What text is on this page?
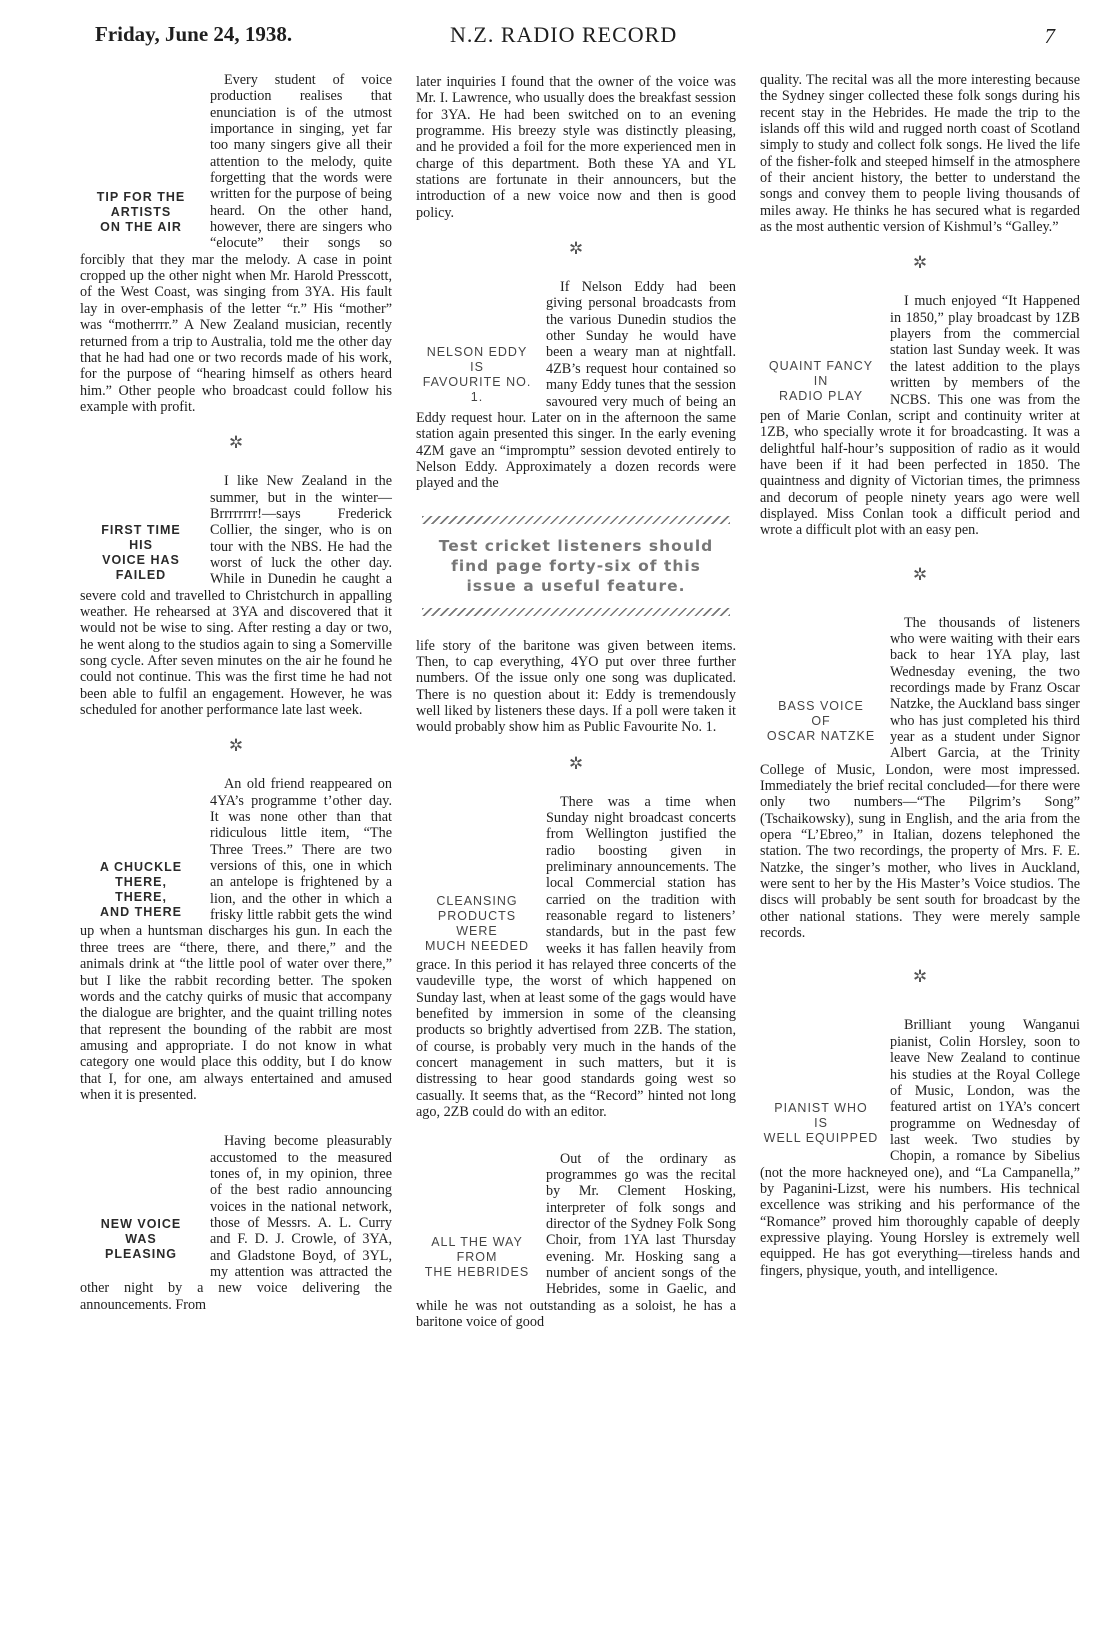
Friday, June 24, 1938.	N.Z. RADIO RECORD	7
TIP FOR THE
ARTISTS
ON THE AIR

Every student of voice production realises that enunciation is of the utmost importance in singing, yet far too many singers give all their attention to the melody, quite forgetting that the words were written for the purpose of being heard. On the other hand, however, there are singers who “elocute” their songs so forcibly that they mar the melody. A case in point cropped up the other night when Mr. Harold Presscott, of the West Coast, was singing from 3YA. His fault lay in over-emphasis of the letter “r.” His “mother” was “motherrrr.” A New Zealand musician, recently returned from a trip to Australia, told me the other day that he had had one or two records made of his work, for the purpose of “hearing himself as others heard him.” Other people who broadcast could follow his example with profit.

✲
FIRST TIME
HIS
VOICE HAS FAILED

I like New Zealand in the summer, but in the winter—Brrrrrrrr!—says Frederick Collier, the singer, who is on tour with the NBS. He had the worst of luck the other day. While in Dunedin he caught a severe cold and travelled to Christchurch in appalling weather. He rehearsed at 3YA and discovered that it would not be wise to sing. After resting a day or two, he went along to the studios again to sing a Somerville song cycle. After seven minutes on the air he found he could not continue. This was the first time he had not been able to fulfil an engagement. However, he was scheduled for another performance late last week.

✲
A CHUCKLE THERE,
THERE,
AND THERE

An old friend reappeared on 4YA’s programme t’other day. It was none other than that ridiculous little item, “The Three Trees.” There are two versions of this, one in which an antelope is frightened by a lion, and the other in which a frisky little rabbit gets the wind up when a huntsman discharges his gun. In each the three trees are “there, there, and there,” and the animals drink at “the little pool of water over there,” but I like the rabbit recording better. The spoken words and the catchy quirks of music that accompany the dialogue are brighter, and the quaint trilling notes that represent the bounding of the rabbit are most amusing and appropriate. I do not know in what category one would place this oddity, but I do know that I, for one, am always entertained and amused when it is presented.

NEW VOICE
WAS
PLEASING

Having become pleasurably accustomed to the measured tones of, in my opinion, three of the best radio announcing voices in the national network, those of Messrs. A. L. Curry and F. D. J. Crowle, of 3YA, and Gladstone Boyd, of 3YL, my attention was attracted the other night by a new voice delivering the announcements. From

later inquiries I found that the owner of the voice was Mr. I. Lawrence, who usually does the breakfast session for 3YA. He had been switched on to an evening programme. His breezy style was distinctly pleasing, and he provided a foil for the more experienced men in charge of this department. Both these YA and YL stations are fortunate in their announcers, but the introduction of a new voice now and then is good policy.

✲
NELSON EDDY
IS
FAVOURITE NO. 1.

If Nelson Eddy had been giving personal broadcasts from the various Dunedin studios the other Sunday he would have been a weary man at nightfall. 4ZB’s request hour contained so many Eddy tunes that the session savoured very much of being an Eddy request hour. Later on in the afternoon the same station again presented this singer. In the early evening 4ZM gave an “impromptu” session devoted entirely to Nelson Eddy. Approximately a dozen records were played and the

Test cricket listeners should find page forty-six of this issue a useful feature.

life story of the baritone was given between items. Then, to cap everything, 4YO put over three further numbers. Of the issue only one song was duplicated. There is no question about it: Eddy is tremendously well liked by listeners these days. If a poll were taken it would probably show him as Public Favourite No. 1.

✲
CLEANSING
PRODUCTS WERE
MUCH NEEDED

There was a time when Sunday night broadcast concerts from Wellington justified the radio boosting given in preliminary announcements. The local Commercial station has carried on the tradition with reasonable regard to listeners’ standards, but in the past few weeks it has fallen heavily from grace. In this period it has relayed three concerts of the vaudeville type, the worst of which happened on Sunday last, when at least some of the gags would have benefited by immersion in some of the cleansing products so brightly advertised from 2ZB. The station, of course, is probably very much in the hands of the concert management in such matters, but it is distressing to hear good standards going west so casually. It seems that, as the “Record” hinted not long ago, 2ZB could do with an editor.

ALL THE WAY
FROM
THE HEBRIDES

Out of the ordinary as programmes go was the recital by Mr. Clement Hosking, interpreter of folk songs and director of the Sydney Folk Song Choir, from 1YA last Thursday evening. Mr. Hosking sang a number of ancient songs of the Hebrides, some in Gaelic, and while he was not outstanding as a soloist, he has a baritone voice of good

quality. The recital was all the more interesting because the Sydney singer collected these folk songs during his recent stay in the Hebrides. He made the trip to the islands off this wild and rugged north coast of Scotland simply to study and collect folk songs. He lived the life of the fisher-folk and steeped himself in the atmosphere of their ancient history, the better to understand the songs and convey them to people living thousands of miles away. He thinks he has secured what is regarded as the most authentic version of Kishmul’s “Galley.”

✲
QUAINT FANCY
IN
RADIO PLAY

I much enjoyed “It Happened in 1850,” play broadcast by 1ZB players from the commercial station last Sunday week. It was the latest addition to the plays written by members of the NCBS. This one was from the pen of Marie Conlan, script and continuity writer at 1ZB, who specially wrote it for broadcasting. It was a delightful half-hour’s supposition of radio as it would have been if it had been perfected in 1850. The quaintness and dignity of Victorian times, the primness and decorum of people ninety years ago were well displayed. Miss Conlan took a difficult period and wrote a difficult plot with an easy pen.

✲
BASS VOICE
OF
OSCAR NATZKE

The thousands of listeners who were waiting with their ears back to hear 1YA play, last Wednesday evening, the two recordings made by Franz Oscar Natzke, the Auckland bass singer who has just completed his third year as a student under Signor Albert Garcia, at the Trinity College of Music, London, were most impressed. Immediately the brief recital concluded—for there were only two numbers—“The Pilgrim’s Song” (Tschaikowsky), sung in English, and the aria from the opera “L’Ebreo,” in Italian, dozens telephoned the station. The two recordings, the property of Mrs. F. E. Natzke, the singer’s mother, who lives in Auckland, were sent to her by the His Master’s Voice studios. The discs will probably be sent south for broadcast by the other national stations. They were merely sample records.

✲
PIANIST WHO
IS
WELL EQUIPPED

Brilliant young Wanganui pianist, Colin Horsley, soon to leave New Zealand to continue his studies at the Royal College of Music, London, was the featured artist on 1YA’s concert programme on Wednesday of last week. Two studies by Chopin, a romance by Sibelius (not the more hackneyed one), and “La Campanella,” by Paganini-Lizst, were his numbers. His technical excellence was striking and his performance of the “Romance” proved him thoroughly capable of deeply expressive playing. Young Horsley is extremely well equipped. He has got everything—tireless hands and fingers, physique, youth, and intelligence.
